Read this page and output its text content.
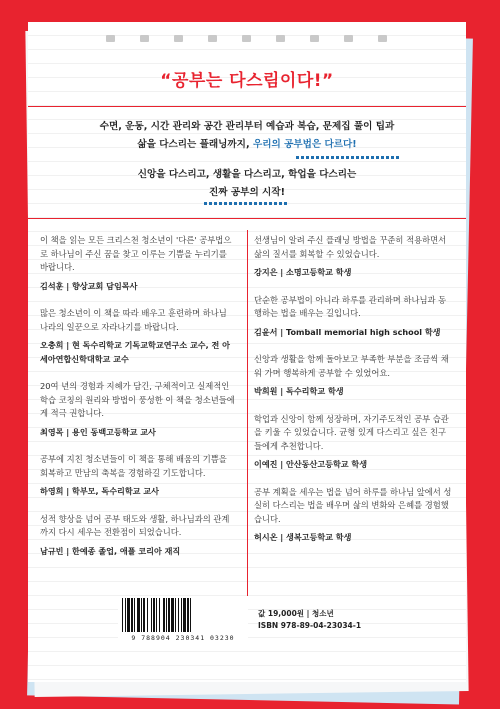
“공부는 다스림이다!”
수면, 운동, 시간 관리와 공간 관리부터 예습과 복습, 문제집 풀이 팁과
삶을 다스리는 플래닝까지, 우리의 공부법은 다르다!
신앙을 다스리고, 생활을 다스리고, 학업을 다스리는
진짜 공부의 시작!
이 책을 읽는 모든 크리스천 청소년이 '다른' 공부법으로 하나님이 주신 꿈을 찾고 이루는 기쁨을 누리기를 바랍니다.
김석훈 | 향상교회 담임목사
많은 청소년이 이 책을 따라 배우고 훈련하며 하나님 나라의 일꾼으로 자라나기를 바랍니다.
오충희 | 현 독수리학교 기독교학교연구소 교수, 전 아세아연합신학대학교 교수
20여 년의 경험과 지혜가 담긴, 구체적이고 실제적인 학습 코칭의 원리와 방법이 풍성한 이 책을 청소년들에게 적극 권합니다.
최영목 | 용인 동백고등학교 교사
공부에 지친 청소년들이 이 책을 통해 배움의 기쁨을 회복하고 만남의 축복을 경험하길 기도합니다.
하영희 | 학부모, 독수리학교 교사
성적 향상을 넘어 공부 태도와 생활, 하나님과의 관계까지 다시 세우는 전환점이 되었습니다.
남규빈 | 한예종 졸업, 애플 코리아 재직
선생님이 알려 주신 플래닝 방법을 꾸준히 적용하면서 삶의 질서를 회복할 수 있었습니다.
강지은 | 소명고등학교 학생
단순한 공부법이 아니라 하루를 관리하며 하나님과 동행하는 법을 배우는 길입니다.
김윤서 | Tomball memorial high school 학생
신앙과 생활을 함께 돌아보고 부족한 부분을 조금씩 채워 가며 행복하게 공부할 수 있었어요.
박희원 | 독수리학교 학생
학업과 신앙이 함께 성장하며, 자기주도적인 공부 습관을 키울 수 있었습니다. 균형 있게 다스리고 싶은 친구들에게 추천합니다.
이예진 | 안산동산고등학교 학생
공부 계획을 세우는 법을 넘어 하루를 하나님 앞에서 성실히 다스리는 법을 배우며 삶의 변화와 은혜를 경험했습니다.
허시온 | 생복고등학교 학생
9 788904 230341 03230
값 19,000원 | 청소년
ISBN 978-89-04-23034-1
